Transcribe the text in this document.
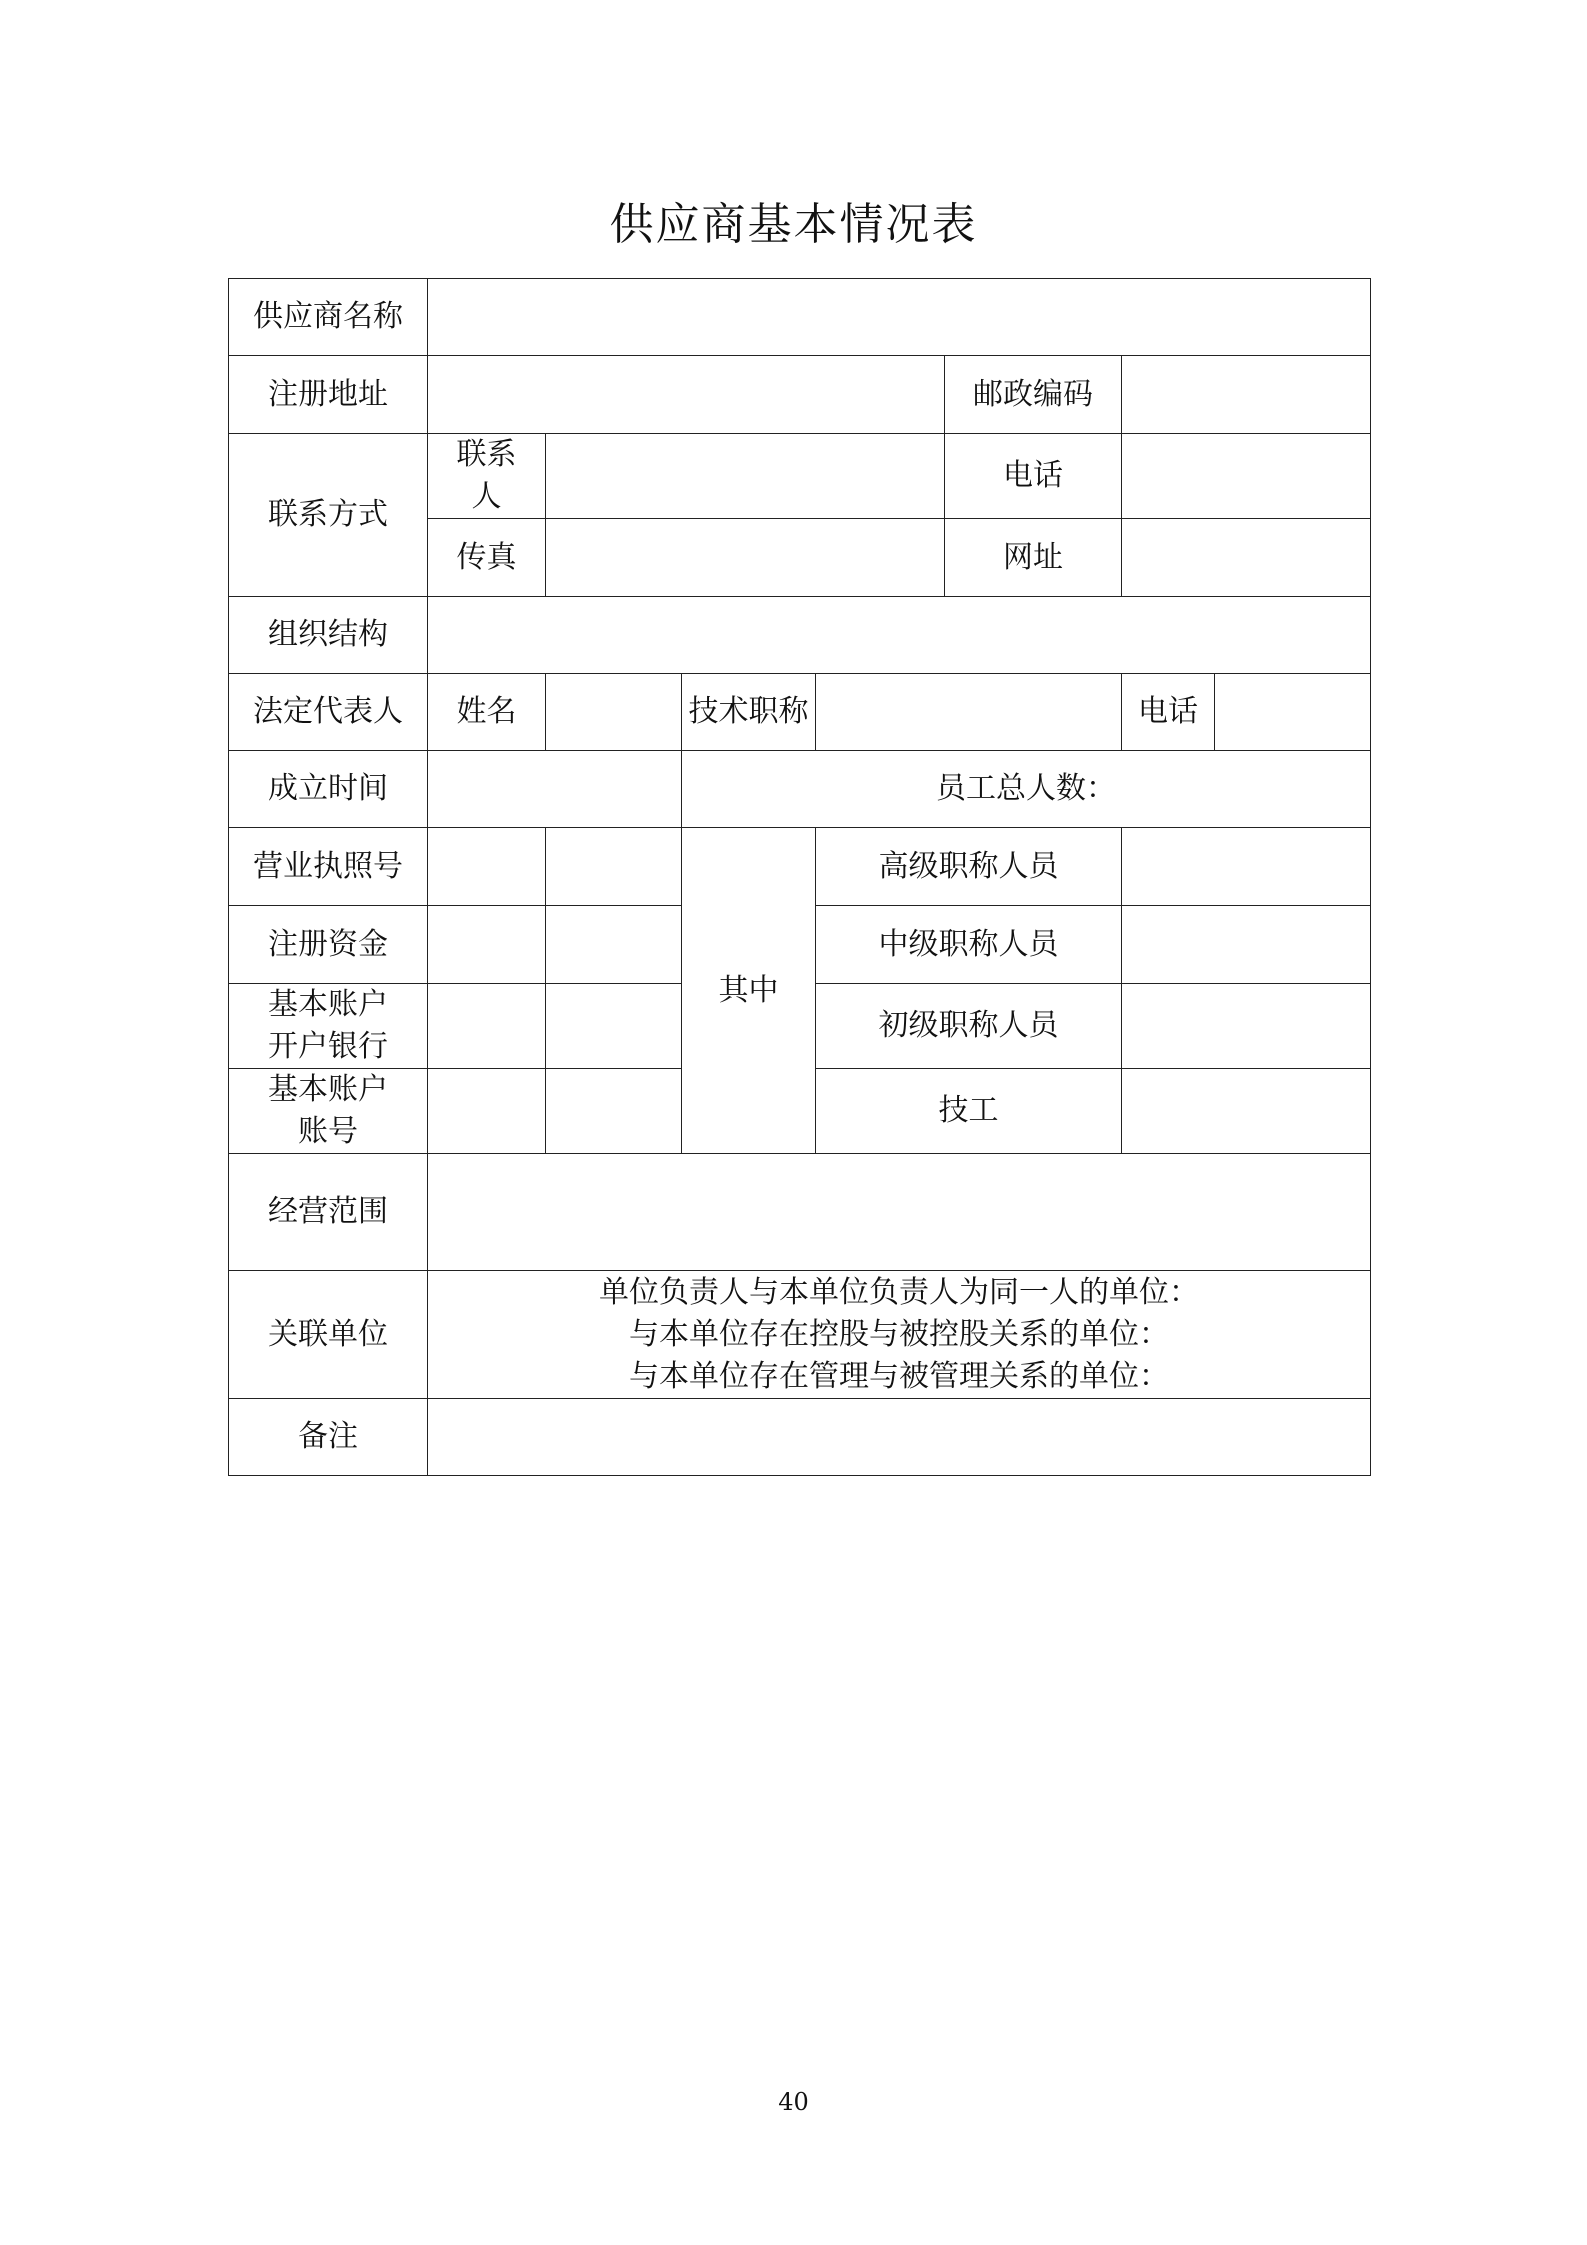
供应商基本情况表
供应商名称							
注册地址					邮政编码		
联系方式	联系
人				电话		
	传真				网址		
组织结构							
法定代表人	姓名		技术职称			电话	
成立时间			员工总人数：				
营业执照号			其中	高级职称人员			
注册资金				中级职称人员			

基本账户
开户银行				初级职称人员			

基本账户
账号				技工			
经营范围							
关联单位	单位负责人与本单位负责人为同一人的单位：
与本单位存在控股与被控股关系的单位：
与本单位存在管理与被管理关系的单位：						

备注							
40
